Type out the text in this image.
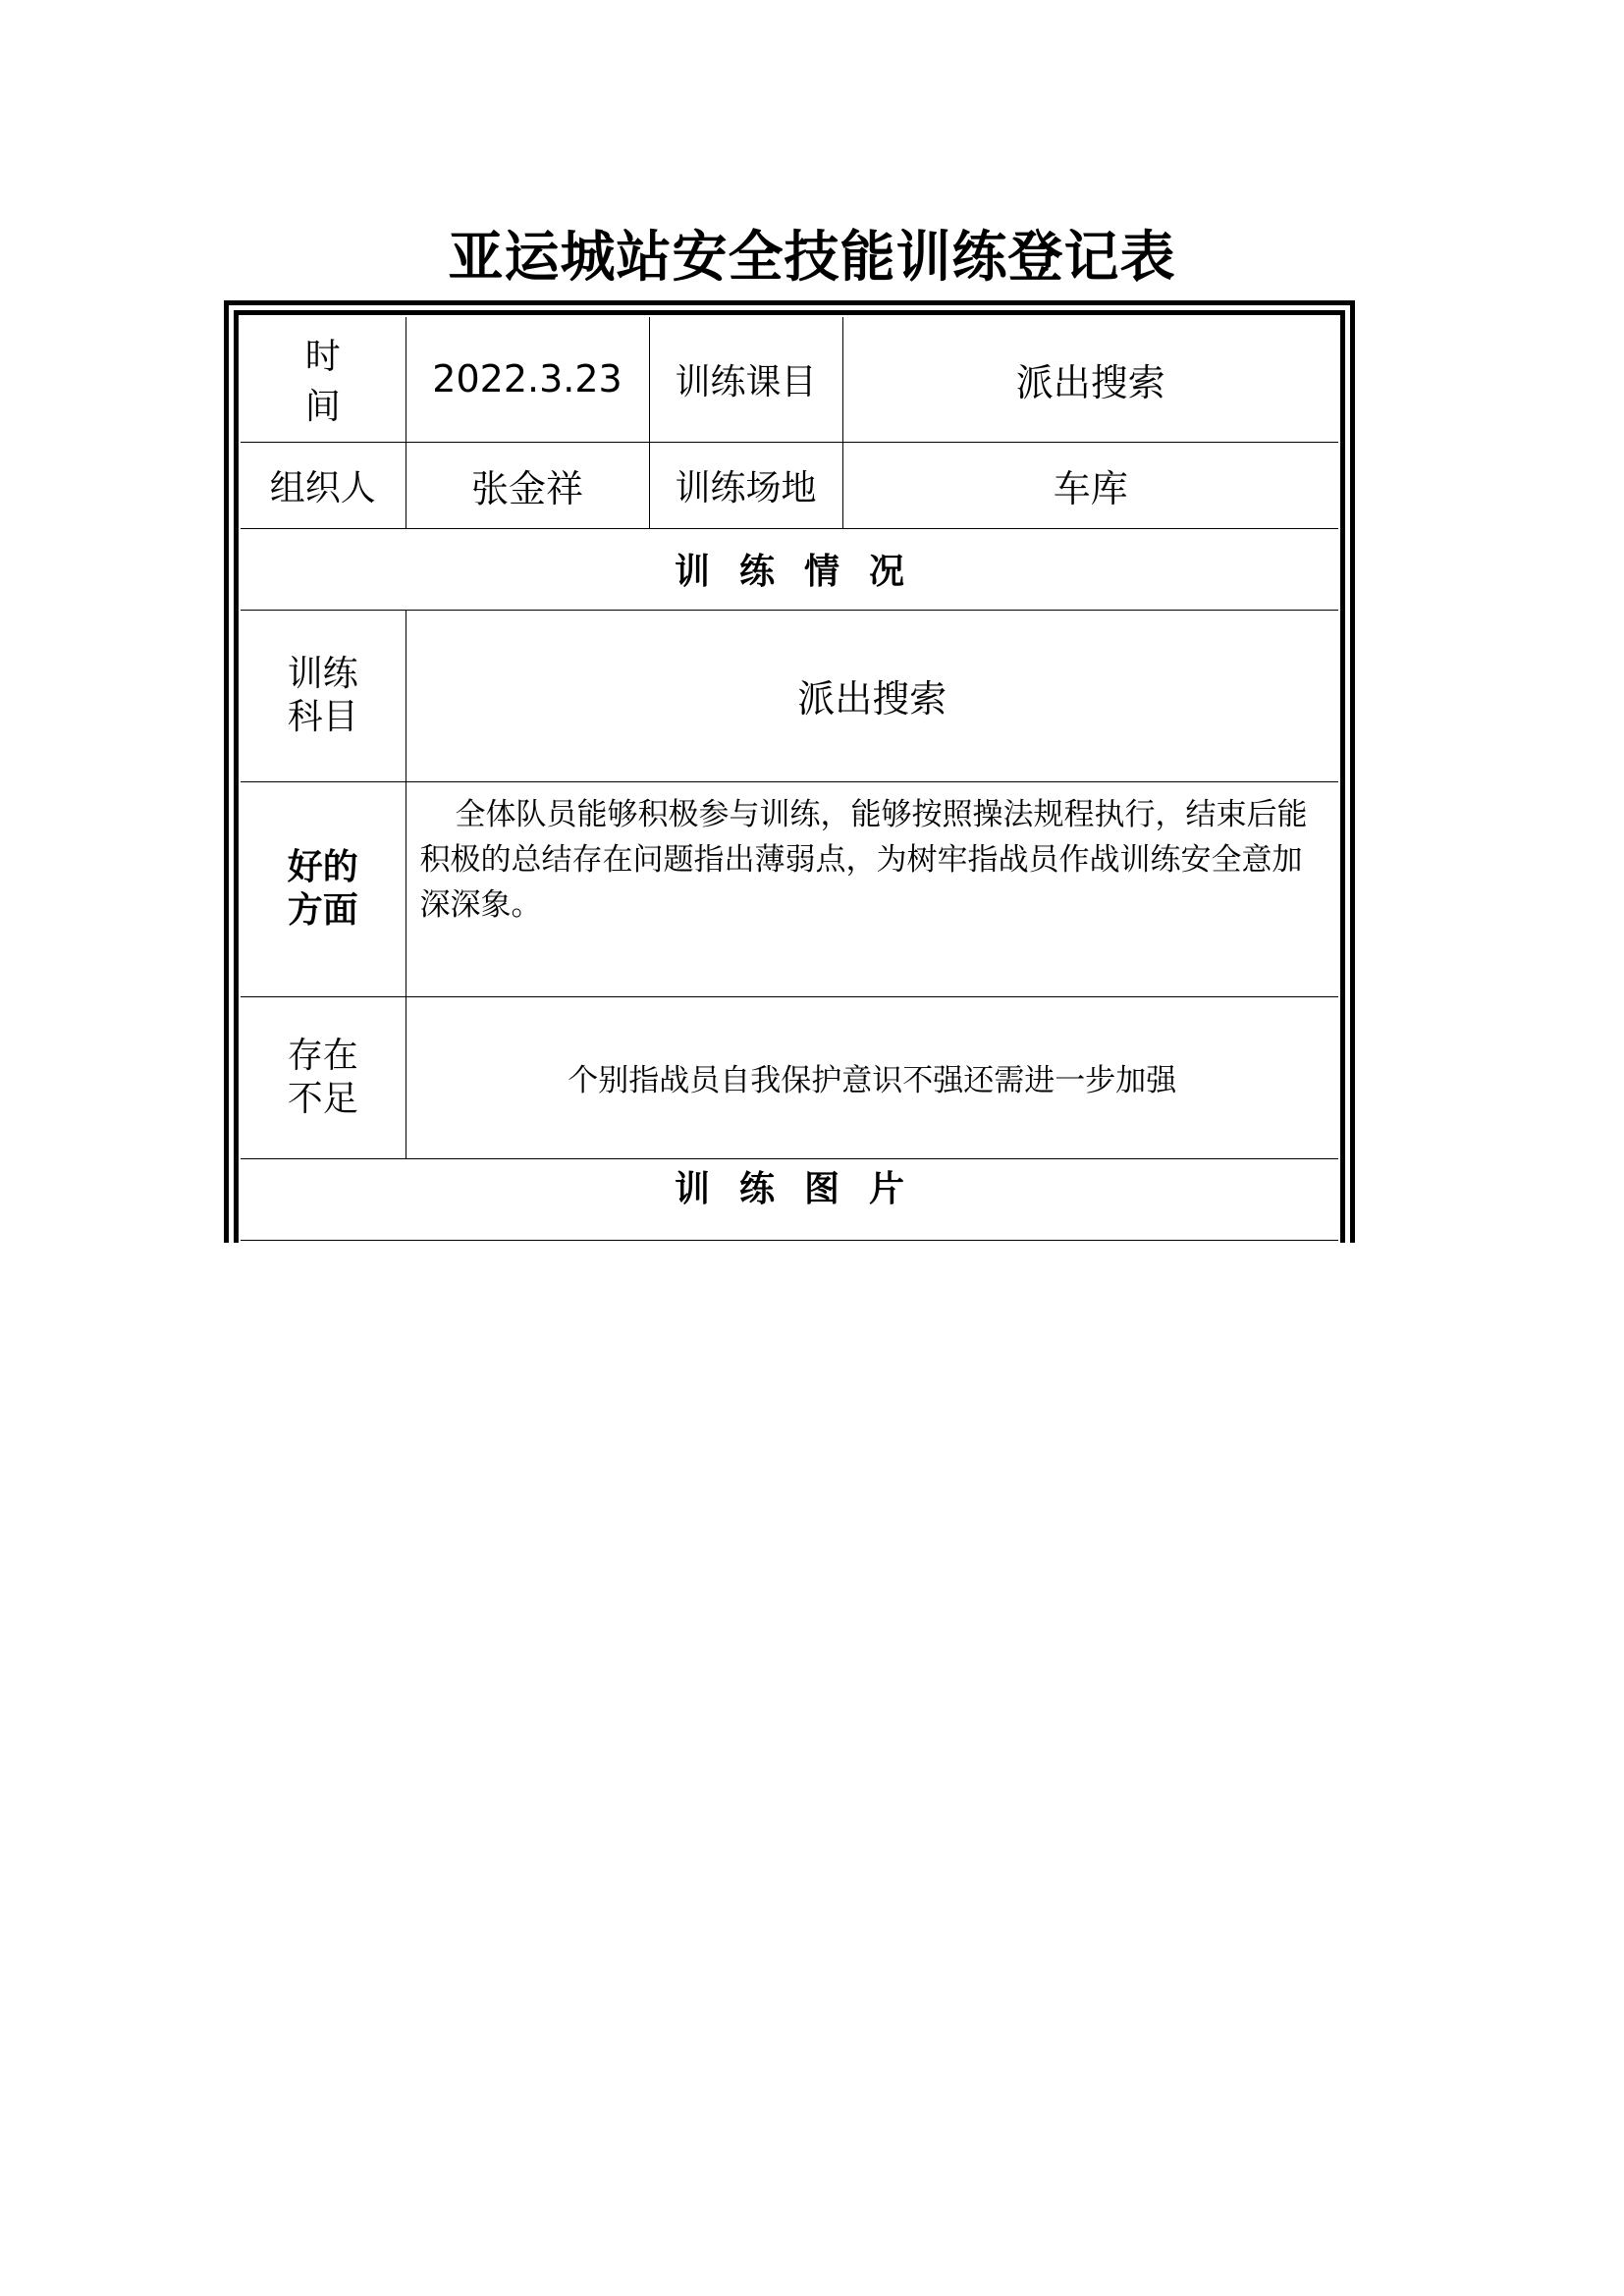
亚运城站安全技能训练登记表
时间	2022.3.23	训练课目	派出搜索
组织人	张金祥	训练场地	车库
训练情况			

训练
科目	派出搜索		

好的
方面	全体队员能够积极参与训练，能够按照操法规程执行，结束后能积极的总结存在问题指出薄弱点，为树牢指战员作战训练安全意加深深象。		

存在
不足	个别指战员自我保护意识不强还需进一步加强		
训练图片			
